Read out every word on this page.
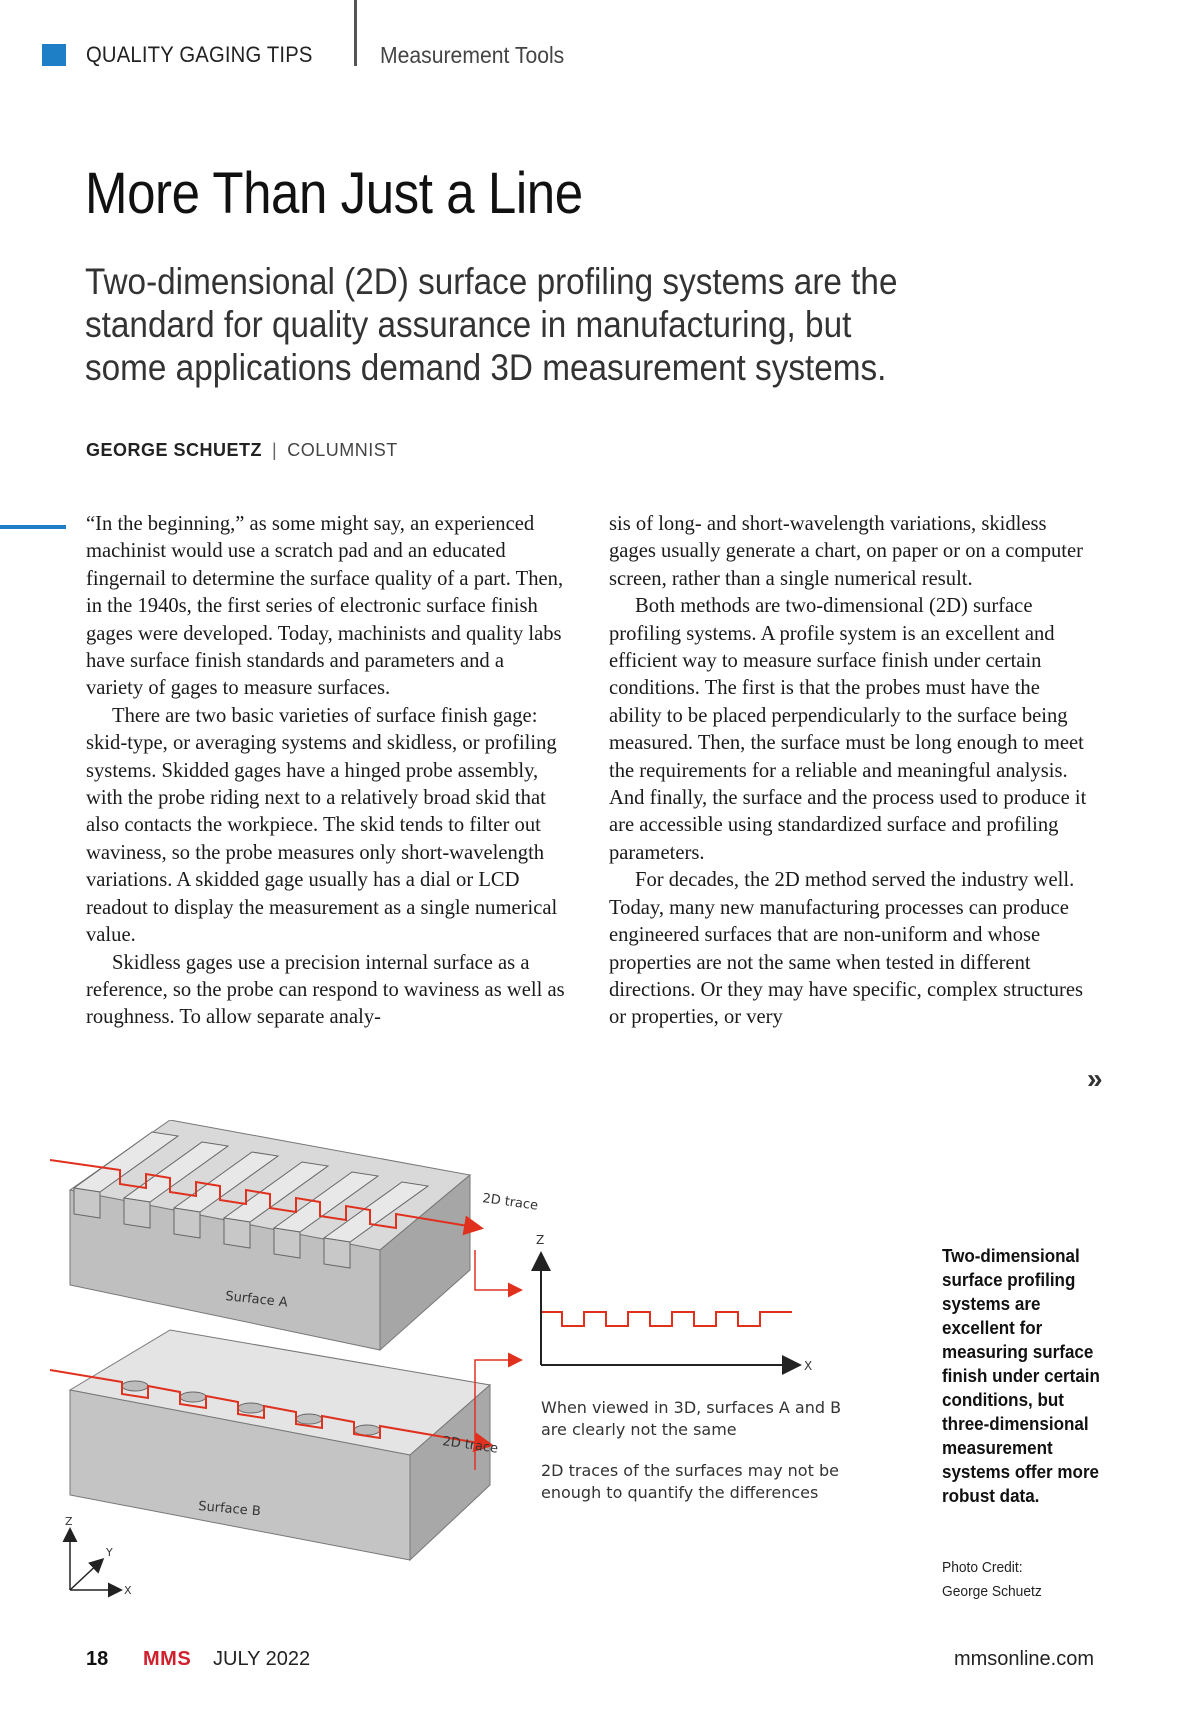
QUALITY GAGING TIPS	Measurement Tools
More Than Just a Line

Two-dimensional (2D) surface profiling systems are the standard for quality assurance in manufacturing, but some applications demand 3D measurement systems.

GEORGE SCHUETZ | COLUMNIST

“In the beginning,” as some might say, an experienced machinist would use a scratch pad and an educated fingernail to determine the surface quality of a part. Then, in the 1940s, the first series of electronic surface finish gages were developed. Today, machinists and quality labs have surface finish standards and parameters and a variety of gages to measure surfaces.

There are two basic varieties of surface finish gage: skid-type, or averaging systems and skidless, or profiling systems. Skidded gages have a hinged probe assembly, with the probe riding next to a relatively broad skid that also contacts the workpiece. The skid tends to filter out waviness, so the probe measures only short-wavelength variations. A skidded gage usually has a dial or LCD readout to display the measurement as a single numerical value.

Skidless gages use a precision internal surface as a reference, so the probe can respond to waviness as well as roughness. To allow separate analy-

sis of long- and short-wavelength variations, skidless gages usually generate a chart, on paper or on a computer screen, rather than a single numerical result.

Both methods are two-dimensional (2D) surface profiling systems. A profile system is an excellent and efficient way to measure surface finish under certain conditions. The first is that the probes must have the ability to be placed perpendicularly to the surface being measured. Then, the surface must be long enough to meet the requirements for a reliable and meaningful analysis. And finally, the surface and the process used to produce it are accessible using standardized surface and profiling parameters.

For decades, the 2D method served the industry well. Today, many new manufacturing processes can produce engineered surfaces that are non-uniform and whose properties are not the same when tested in different directions. Or they may have specific, complex structures or properties, or very

»
2D trace
Surface A
2D trace
Surface B
Z
X
When viewed in 3D, surfaces A and B
are clearly not the same
2D traces of the surfaces may not be
enough to quantify the differences
Z
X
Y
Two-dimensional surface profiling systems are excellent for measuring surface finish under certain conditions, but three-dimensional measurement systems offer more robust data.
Photo Credit:
George Schuetz
18 MMS JULY 2022	mmsonline.com
